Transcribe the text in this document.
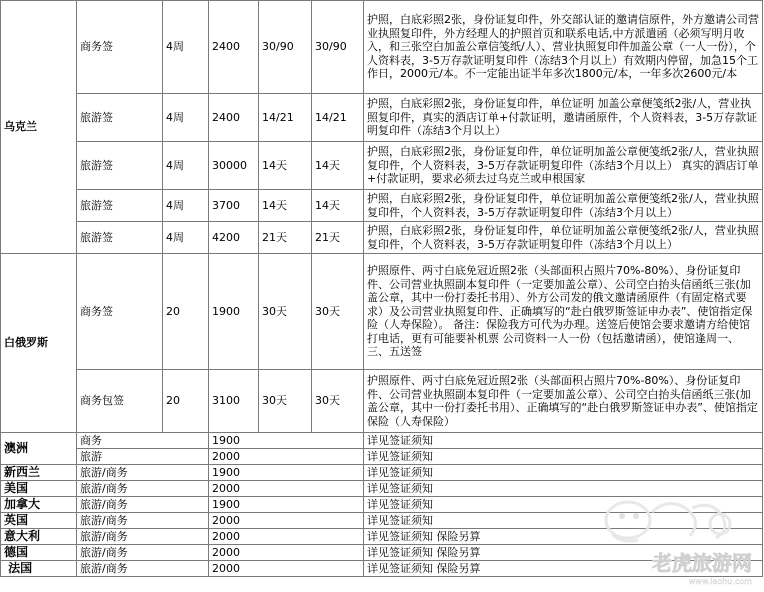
乌克兰	商务签	4周	2400	30/90	30/90	护照，白底彩照2张，身份证复印件，外交部认证的邀请信原件，外方邀请公司营业执照复印件，外方经理人的护照首页和联系电话,中方派遣函（必须写明月收入，和三张空白加盖公章信笺纸/人）、营业执照复印件加盖公章（一人一份），个人资料表，3-5万存款证明复印件（冻结3个月以上）有效期内停留，加急15个工作日，2000元/本。不一定能出证半年多次1800元/本，一年多次2600元/本
	旅游签	4周	2400	14/21	14/21	护照，白底彩照2张，身份证复印件，单位证明 加盖公章便笺纸2张/人，营业执照复印件，真实的酒店订单+付款证明，邀请函原件，个人资料表，3-5万存款证明复印件（冻结3个月以上）
	旅游签	4周	30000	14天	14天	护照，白底彩照2张，身份证复印件，单位证明加盖公章便笺纸2张/人，营业执照复印件，个人资料表，3-5万存款证明复印件（冻结3个月以上） 真实的酒店订单+付款证明，要求必须去过乌克兰或申根国家
	旅游签	4周	3700	14天	14天	护照，白底彩照2张，身份证复印件，单位证明加盖公章便笺纸2张/人，营业执照复印件，个人资料表，3-5万存款证明复印件（冻结3个月以上）
	旅游签	4周	4200	21天	21天	护照，白底彩照2张，身份证复印件，单位证明加盖公章便笺纸2张/人，营业执照复印件，个人资料表，3-5万存款证明复印件（冻结3个月以上）
白俄罗斯	商务签	20	1900	30天	30天	护照原件、两寸白底免冠近照2张（头部面积占照片70%-80%）、身份证复印件、公司营业执照副本复印件（一定要加盖公章）、公司空白抬头信函纸三张(加盖公章，其中一份打委托书用）、外方公司发的俄文邀请函原件（有固定格式要求）及公司营业执照复印件、正确填写的“赴白俄罗斯签证申办表”、使馆指定保险（人寿保险）。 备注：保险我方可代为办理。送签后使馆会要求邀请方给使馆打电话，更有可能要补机票 公司资料一人一份（包括邀请函），使馆逢周一、三、五送签
	商务包签	20	3100	30天	30天	护照原件、两寸白底免冠近照2张（头部面积占照片70%-80%）、身份证复印件、公司营业执照副本复印件（一定要加盖公章）、公司空白抬头信函纸三张(加盖公章，其中一份打委托书用）、正确填写的“赴白俄罗斯签证申办表”、使馆指定保险（人寿保险）
澳洲	商务		1900			详见签证须知
	旅游		2000			详见签证须知
新西兰	旅游/商务		1900			详见签证须知
美国	旅游/商务		2000			详见签证须知
加拿大	旅游/商务		1900			详见签证须知
英国	旅游/商务		2000			详见签证须知
意大利	旅游/商务		2000			详见签证须知 保险另算
德国	旅游/商务		2000			详见签证须知 保险另算
法国	旅游/商务		2000			详见签证须知 保险另算	老虎旅游网
www.laohu.com
